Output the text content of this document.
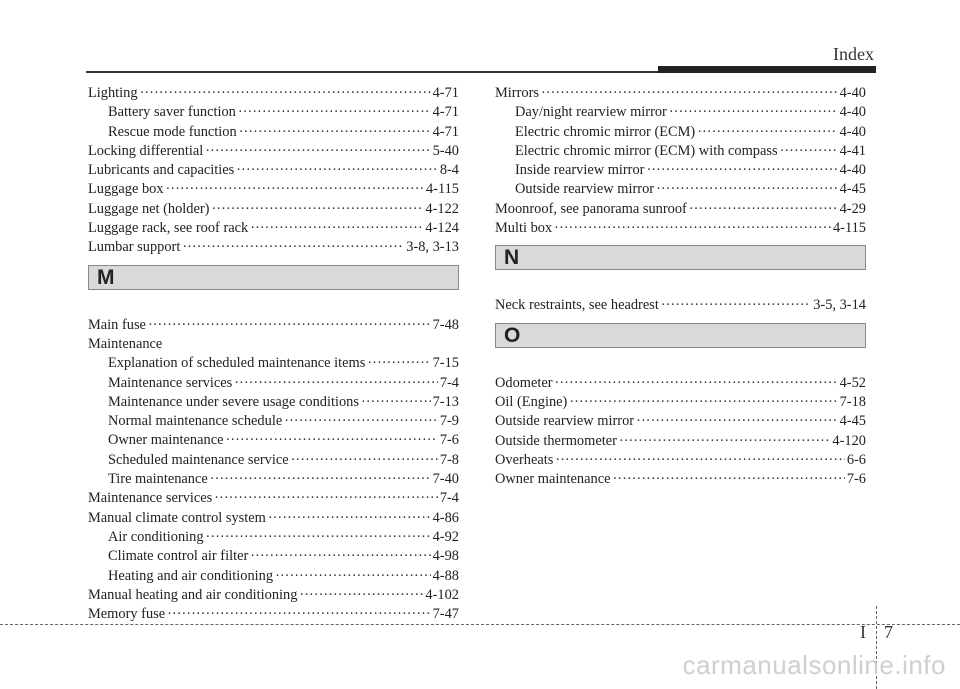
Index
Lighting ·····	4-71
Battery saver function ·····	4-71
Rescue mode function ·····	4-71
Locking differential ·····	5-40
Lubricants and capacities ·····	8-4
Luggage box ·····	4-115
Luggage net (holder) ·····	4-122
Luggage rack, see roof rack ·····	4-124
Lumbar support ·····	3-8, 3-13
M
Main fuse ·····	7-48
Maintenance
Explanation of scheduled maintenance items ·····	7-15
Maintenance services ·····	7-4
Maintenance under severe usage conditions ·····	7-13
Normal maintenance schedule ·····	7-9
Owner maintenance ·····	7-6
Scheduled maintenance service ·····	7-8
Tire maintenance ·····	7-40
Maintenance services ·····	7-4
Manual climate control system ·····	4-86
Air conditioning ·····	4-92
Climate control air filter ·····	4-98
Heating and air conditioning ·····	4-88
Manual heating and air conditioning ·····	4-102
Memory fuse ·····	7-47
Mirrors ·····	4-40
Day/night rearview mirror ·····	4-40
Electric chromic mirror (ECM) ·····	4-40
Electric chromic mirror (ECM) with compass ·····	4-41
Inside rearview mirror ·····	4-40
Outside rearview mirror ·····	4-45
Moonroof, see panorama sunroof ·····	4-29
Multi box ·····	4-115
N
Neck restraints, see headrest ·····	3-5, 3-14
O
Odometer ·····	4-52
Oil (Engine) ·····	7-18
Outside rearview mirror ·····	4-45
Outside thermometer ·····	4-120
Overheats ·····	6-6
Owner maintenance ·····	7-6
I 7
carmanualsonline.info
